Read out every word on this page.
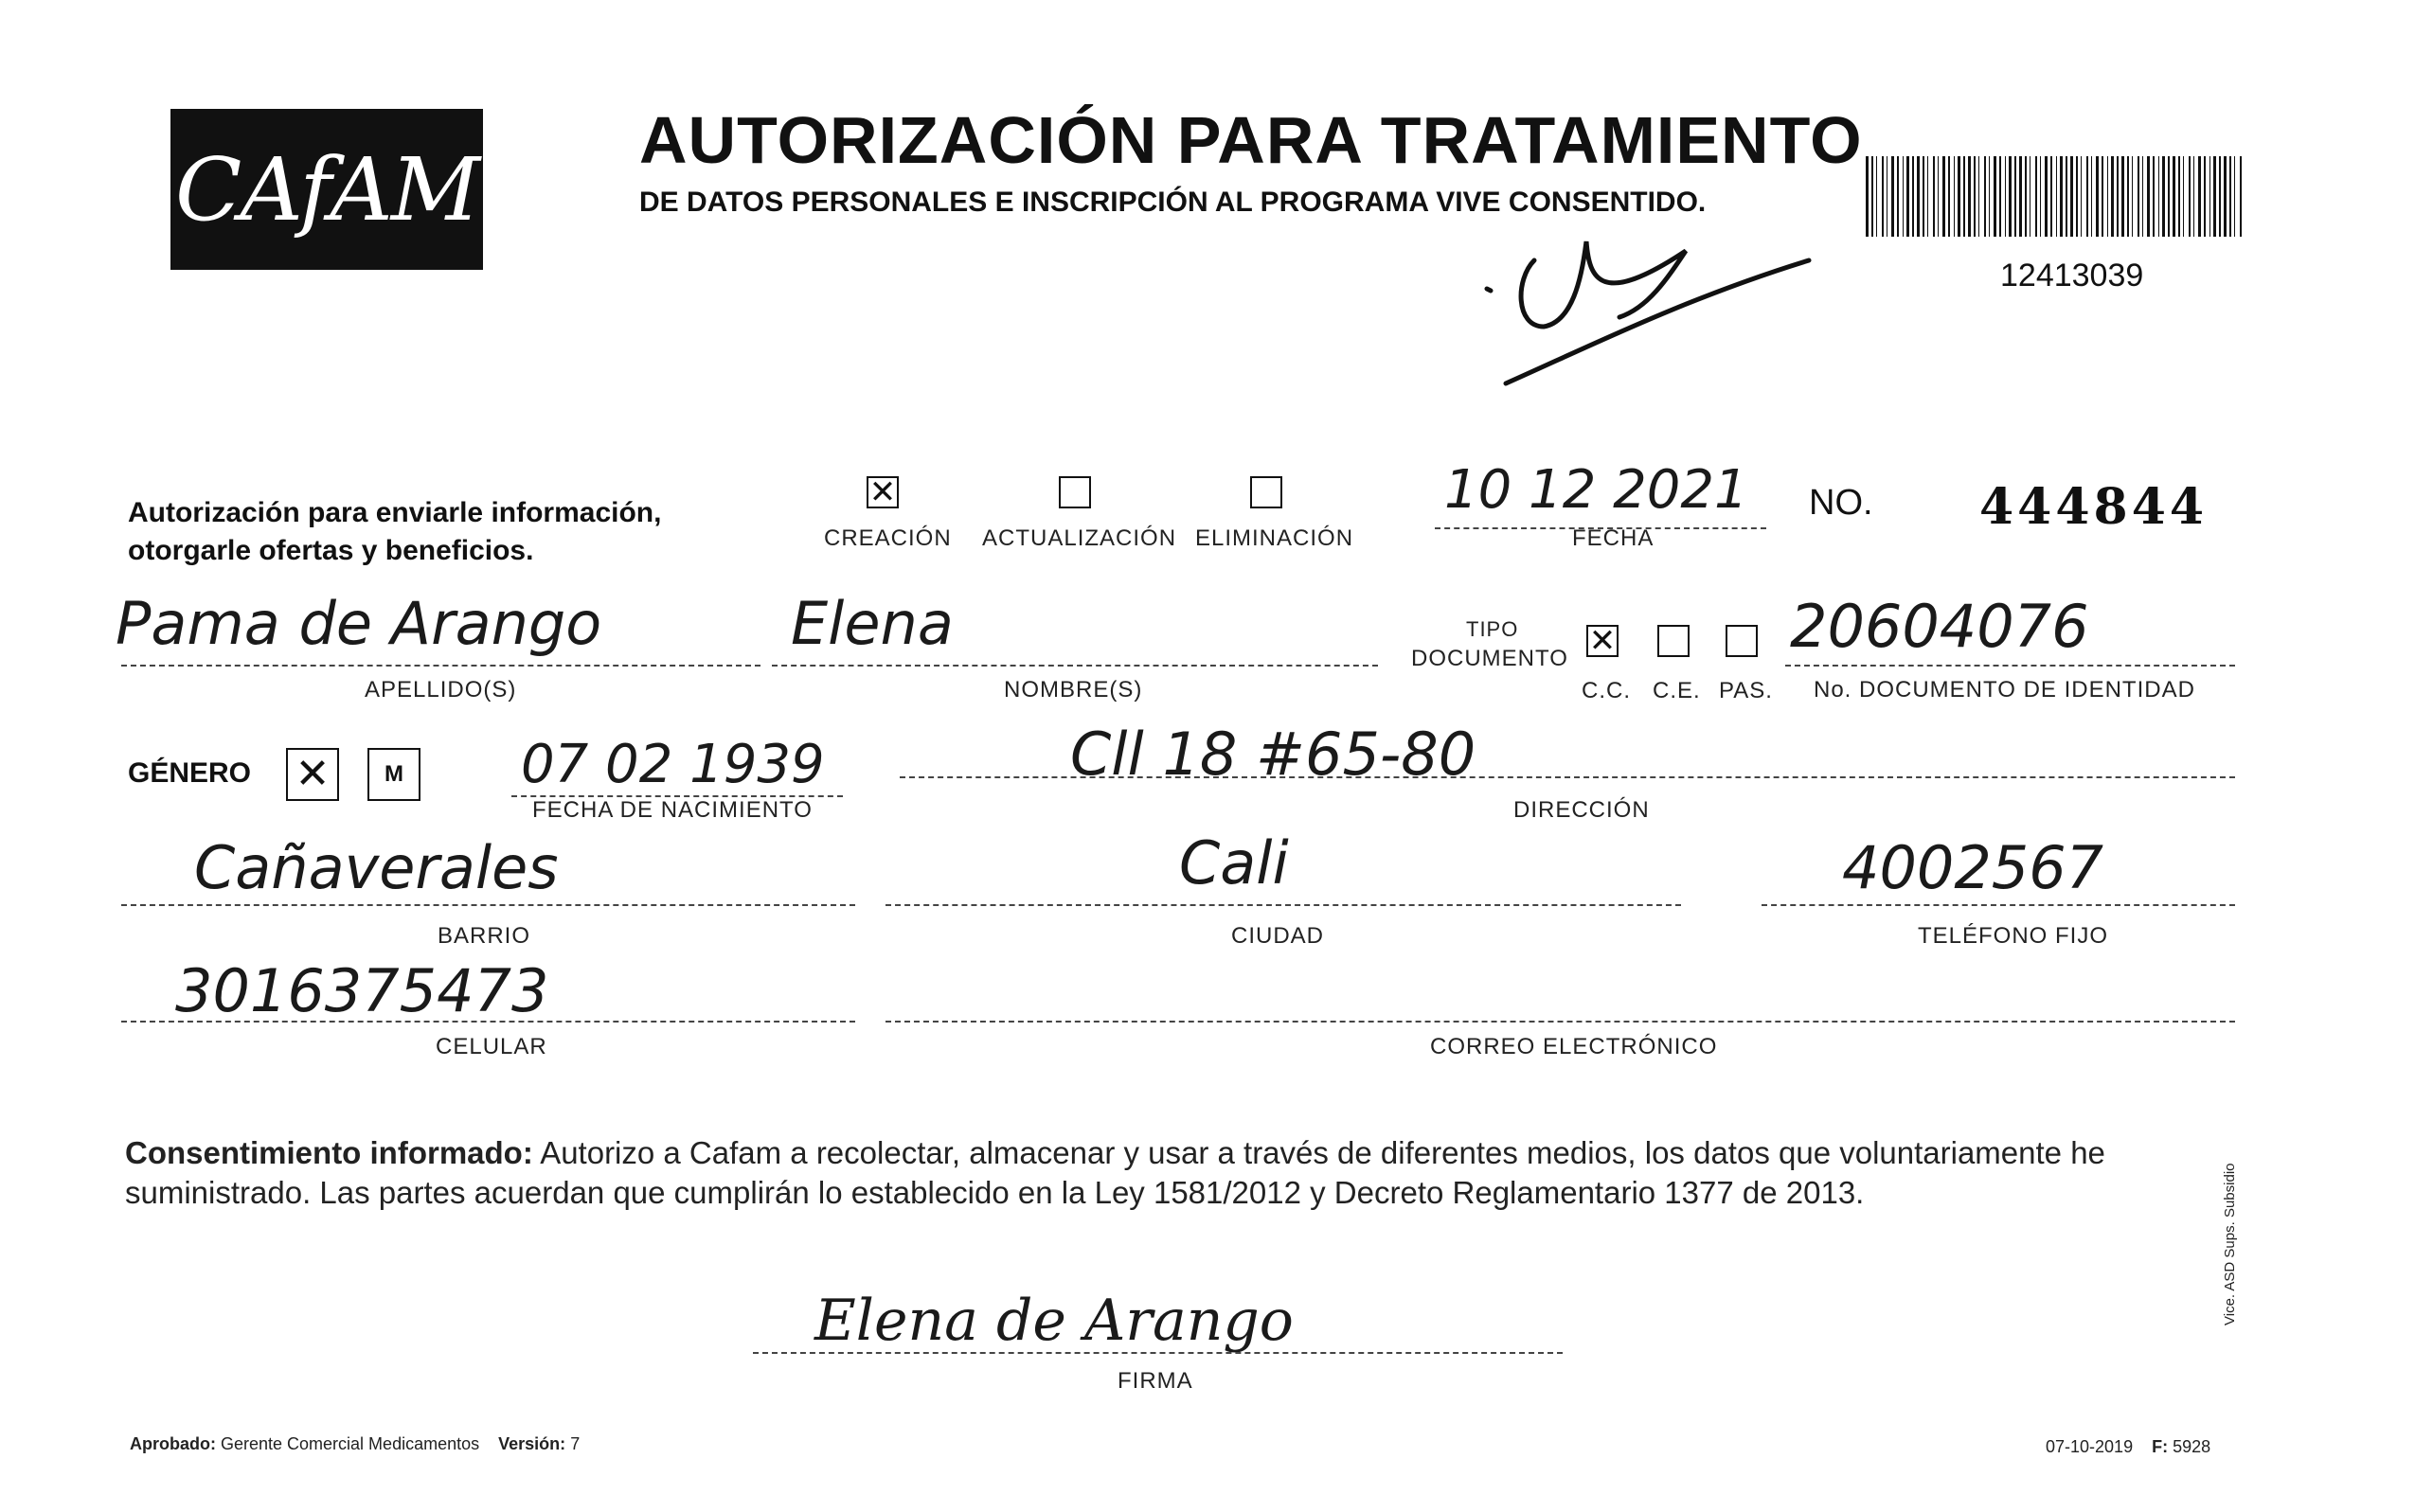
CAfAM AUTORIZACIÓN PARA TRATAMIENTO
DE DATOS PERSONALES E INSCRIPCIÓN AL PROGRAMA VIVE CONSENTIDO.
12413039
Autorización para enviarle información,
otorgarle ofertas y beneficios.
✕
CREACIÓN ACTUALIZACIÓN ELIMINACIÓN
10 12 2021
FECHA
NO. 444844
Pama de Arango
APELLIDO(S)
Elena
NOMBRE(S)
TIPO
DOCUMENTO ✕
C.C. C.E. PAS.
20604076
No. DOCUMENTO DE IDENTIDAD
GÉNERO ✕ M 07 02 1939
FECHA DE NACIMIENTO
Cll 18 #65-80
DIRECCIÓN
Cañaverales
BARRIO
Cali
CIUDAD
4002567
TELÉFONO FIJO
3016375473
CELULAR	CORREO ELECTRÓNICO
Consentimiento informado: Autorizo a Cafam a recolectar, almacenar y usar a través de diferentes medios, los datos que voluntariamente he suministrado. Las partes acuerdan que cumplirán lo establecido en la Ley 1581/2012 y Decreto Reglamentario 1377 de 2013.
Elena de Arango
FIRMA
Aprobado: Gerente Comercial Medicamentos Versión: 7	07-10-2019 F: 5928
Vice. ASD Sups. Subsidio
